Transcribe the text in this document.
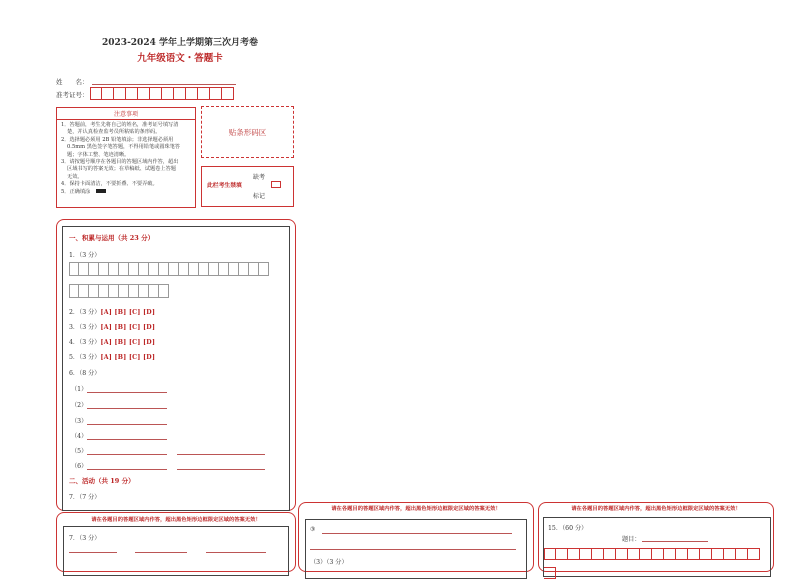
2023-2024 学年上学期第三次月考卷
九年级语文・答题卡
姓　　名：
准考证号：
注意事项

1．答题前，考生先将自己的姓名，准考证号填写清

楚，并认真检查监考员所粘贴的条形码。

2．选择题必须用 2B 铅笔填涂；非选择题必须用

0.5mm 黑色签字笔答题，不得用铅笔或圆珠笔答

题；字体工整、笔迹清晰。

3．请按题号顺序在各题目的答题区域内作答，超出

区域书写的答案无效；在草稿纸、试题卷上答题

无效。

4．保持卡面清洁，不要折叠、不要弄破。

5．正确填涂

贴条形码区
缺考
此栏考生禁填
标记
一、积累与运用（共 23 分）
1．（3 分）
2．（3 分）[A] [B] [C] [D]
3．（3 分）[A] [B] [C] [D]
4．（3 分）[A] [B] [C] [D]
5．（3 分）[A] [B] [C] [D]
6．（8 分）
（1）
（2）
（3）
（4）
（5）
（6）
二、活动（共 19 分）
7．（7 分）
请在各题目的答题区域内作答，超出黑色矩形边框限定区域的答案无效！
7．（3 分）
请在各题目的答题区域内作答，超出黑色矩形边框限定区域的答案无效！
③
（3）（3 分）
请在各题目的答题区域内作答，超出黑色矩形边框限定区域的答案无效！
15．（60 分）
题目：
